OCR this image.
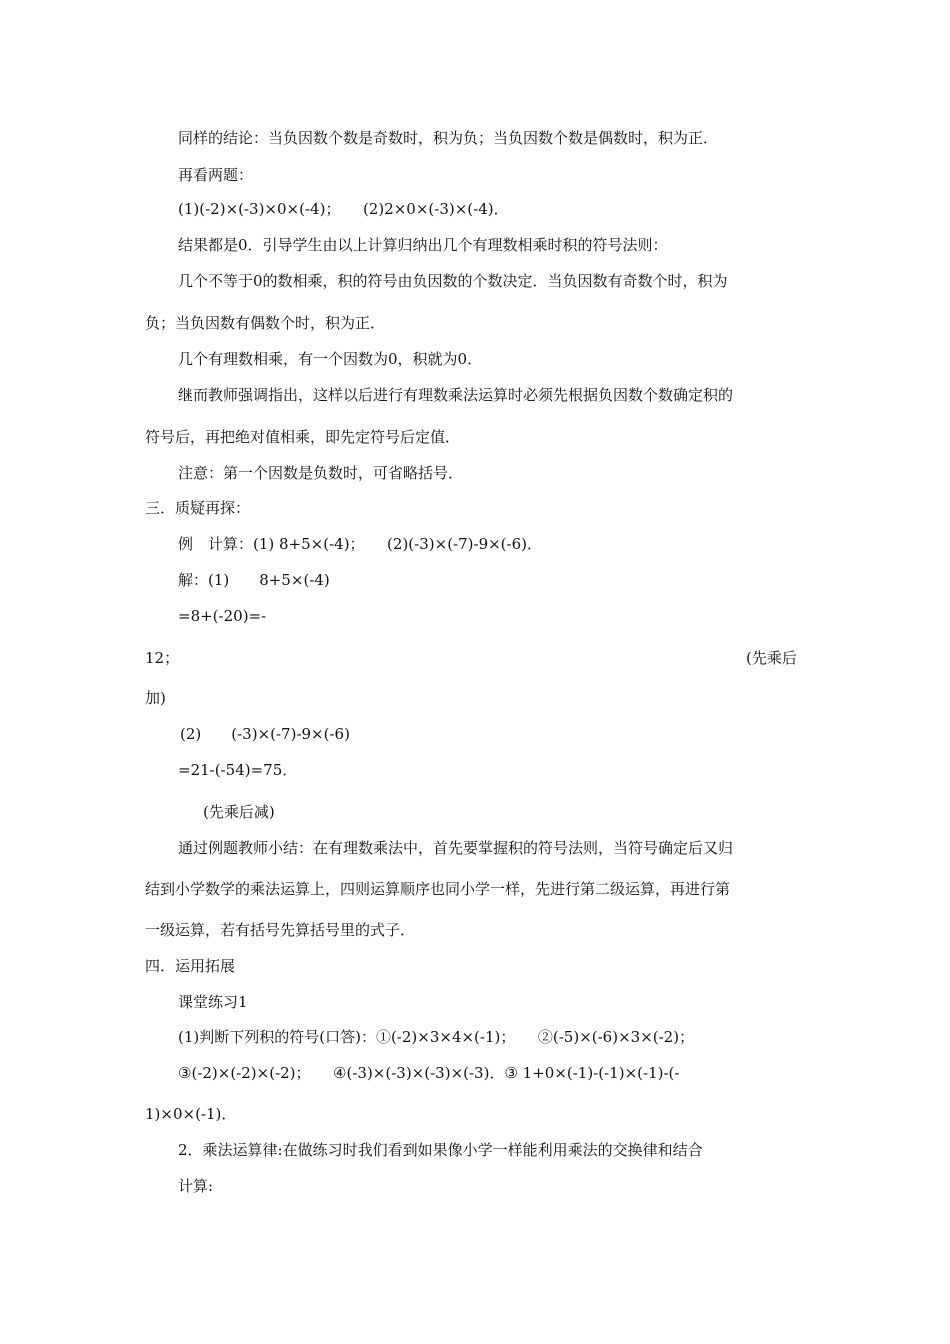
同样的结论：当负因数个数是奇数时，积为负；当负因数个数是偶数时，积为正．

再看两题：

(1)(-2)×(-3)×0×(-4)；　　(2)2×0×(-3)×(-4)．

结果都是0．引导学生由以上计算归纳出几个有理数相乘时积的符号法则：

几个不等于0的数相乘，积的符号由负因数的个数决定．当负因数有奇数个时，积为

负；当负因数有偶数个时，积为正．

几个有理数相乘，有一个因数为0，积就为0．

继而教师强调指出，这样以后进行有理数乘法运算时必须先根据负因数个数确定积的

符号后，再把绝对值相乘，即先定符号后定值．

注意：第一个因数是负数时，可省略括号．

三．质疑再探：

例　计算：(1) 8+5×(-4)；　　(2)(-3)×(-7)-9×(-6)．

解：(1)　　8+5×(-4)

=8+(-20)=-

12；	(先乘后

加)

(2)　　(-3)×(-7)-9×(-6)

=21-(-54)=75．

(先乘后减)

通过例题教师小结：在有理数乘法中，首先要掌握积的符号法则，当符号确定后又归

结到小学数学的乘法运算上，四则运算顺序也同小学一样，先进行第二级运算，再进行第

一级运算，若有括号先算括号里的式子．

四．运用拓展

课堂练习1

(1)判断下列积的符号(口答)：①(-2)×3×4×(-1)；　　②(-5)×(-6)×3×(-2)；

③(-2)×(-2)×(-2)；　　④(-3)×(-3)×(-3)×(-3)．③ 1+0×(-1)-(-1)×(-1)-(-

1)×0×(-1)．

2．乘法运算律:在做练习时我们看到如果像小学一样能利用乘法的交换律和结合

计算:
